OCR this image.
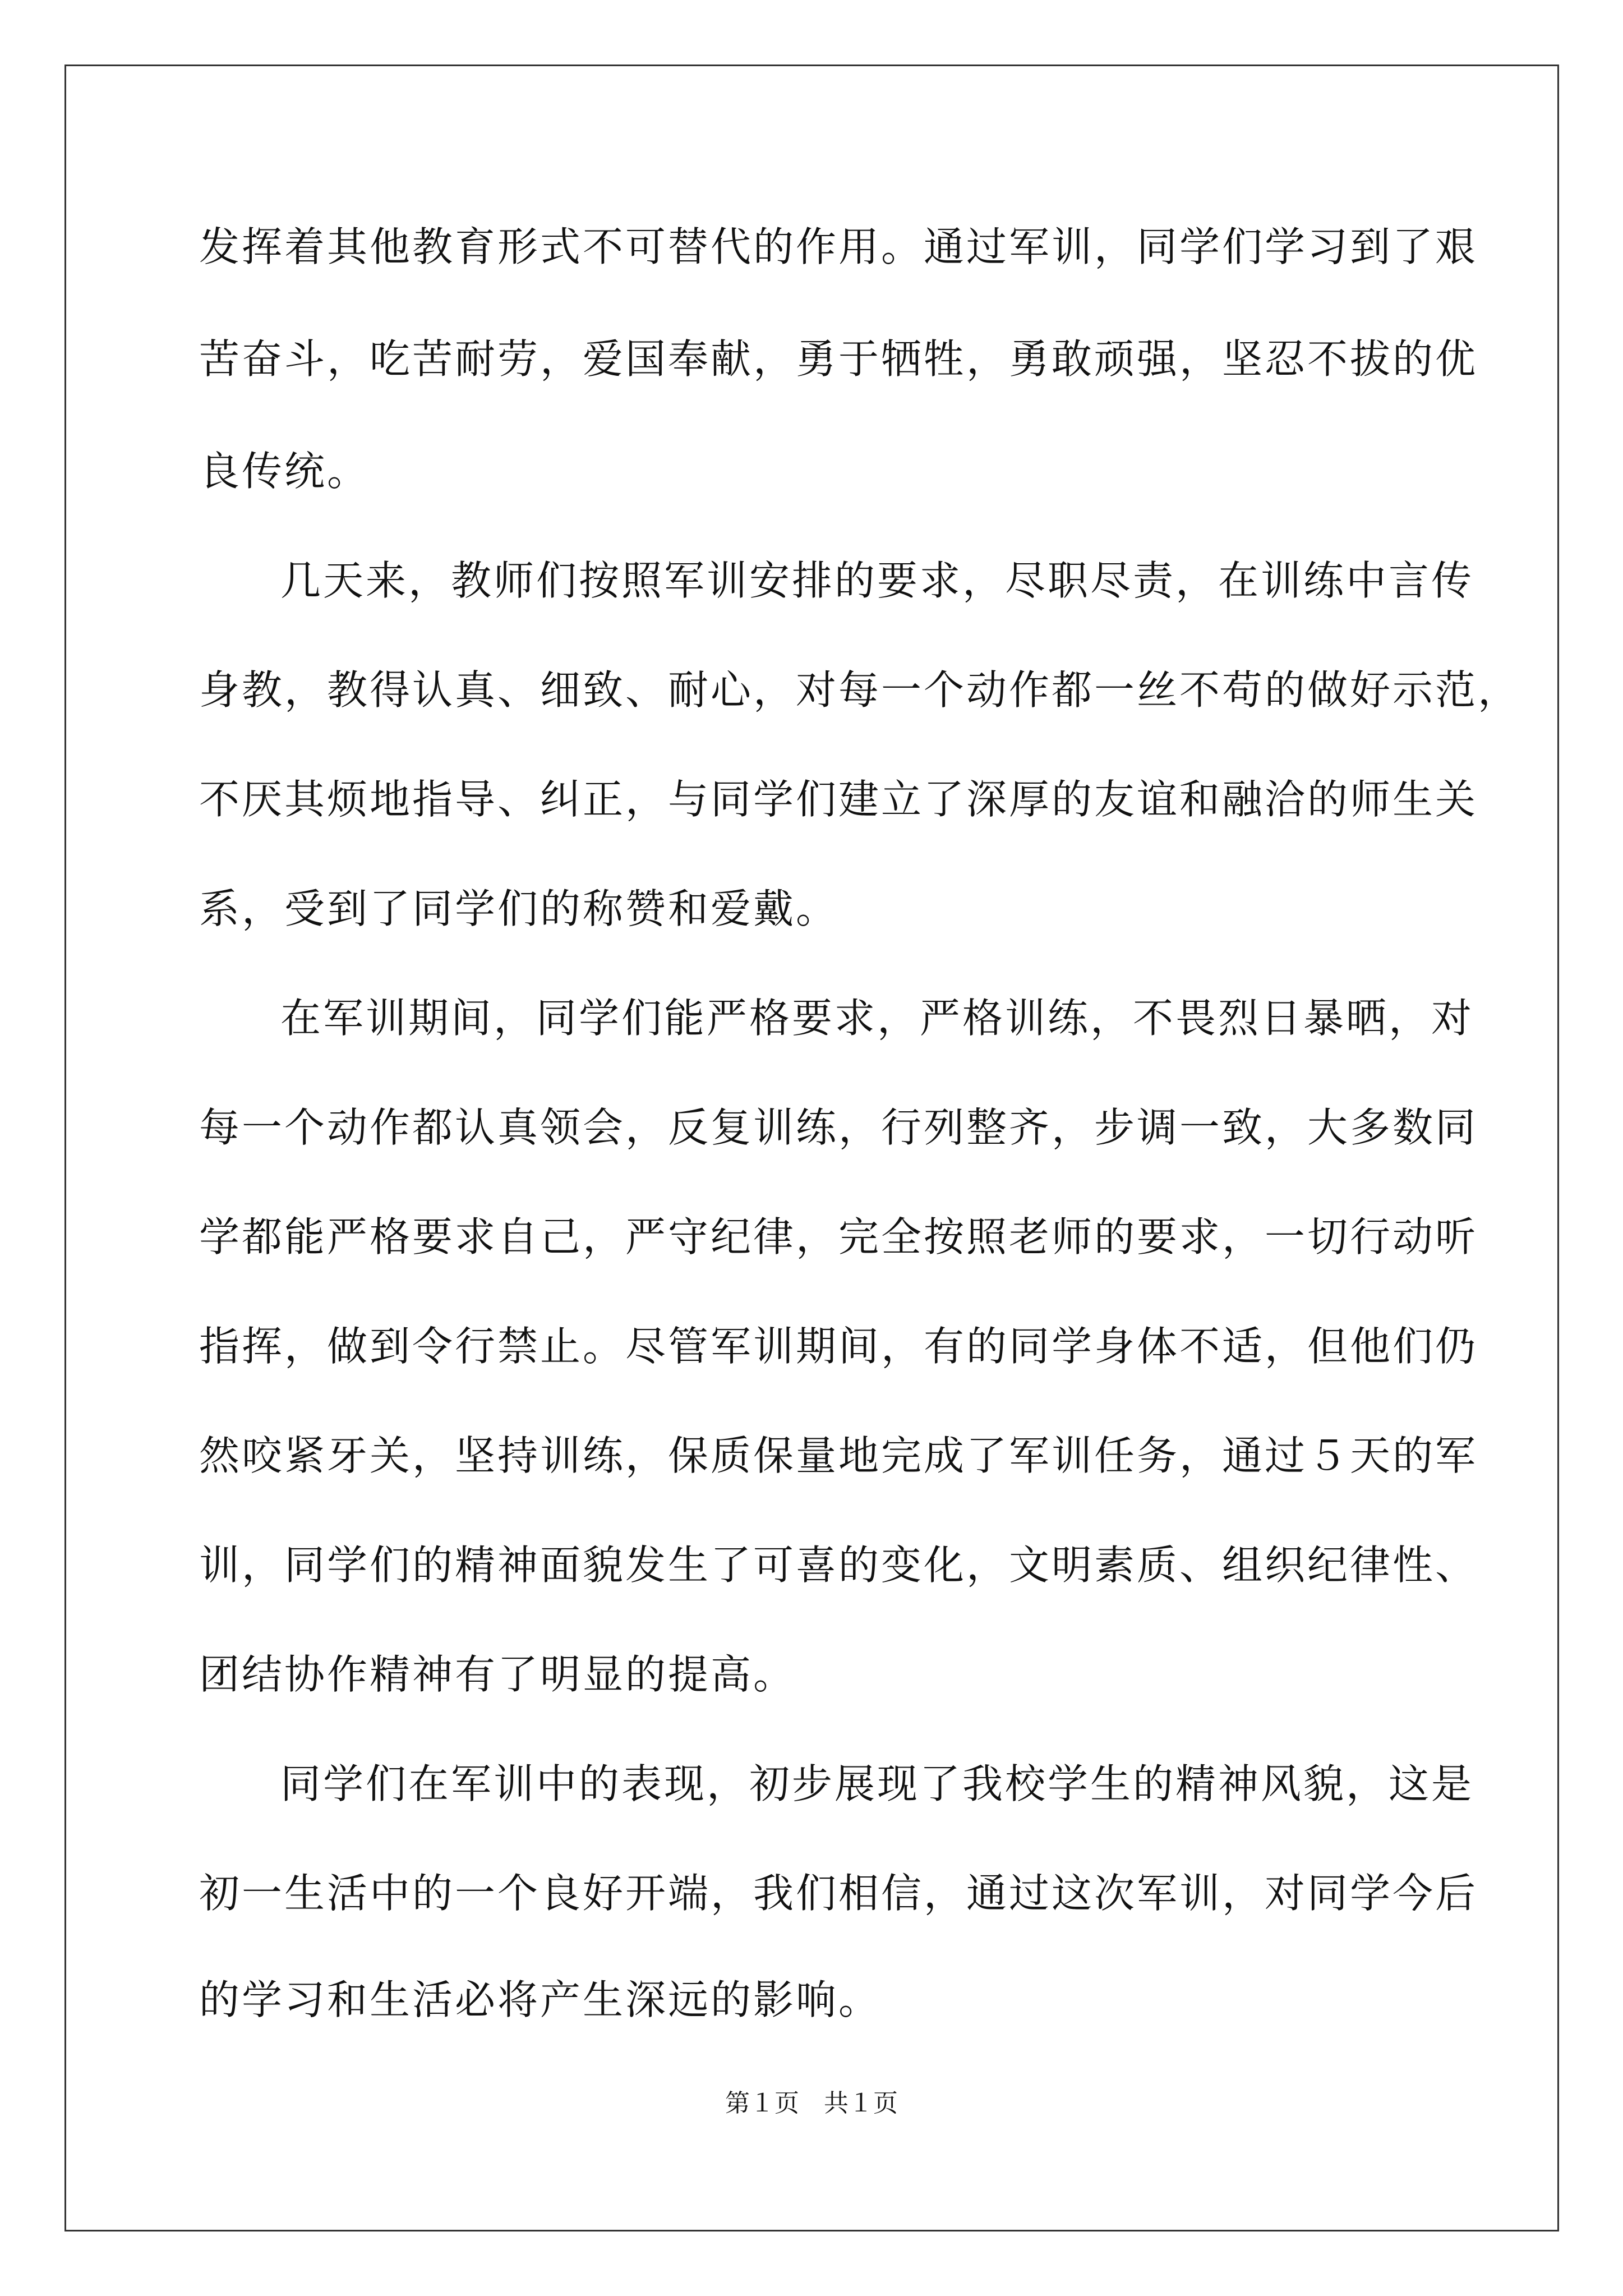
发挥着其他教育形式不可替代的作用。通过军训，同学们学习到了艰
苦奋斗，吃苦耐劳，爱国奉献，勇于牺牲，勇敢顽强，坚忍不拔的优
良传统。
几天来，教师们按照军训安排的要求，尽职尽责，在训练中言传
身教，教得认真、细致、耐心，对每一个动作都一丝不苟的做好示范，
不厌其烦地指导、纠正，与同学们建立了深厚的友谊和融洽的师生关
系，受到了同学们的称赞和爱戴。
在军训期间，同学们能严格要求，严格训练，不畏烈日暴晒，对
每一个动作都认真领会，反复训练，行列整齐，步调一致，大多数同
学都能严格要求自己，严守纪律，完全按照老师的要求，一切行动听
指挥，做到令行禁止。尽管军训期间，有的同学身体不适，但他们仍
然咬紧牙关，坚持训练，保质保量地完成了军训任务，通过５天的军
训，同学们的精神面貌发生了可喜的变化，文明素质、组织纪律性、
团结协作精神有了明显的提高。
同学们在军训中的表现，初步展现了我校学生的精神风貌，这是
初一生活中的一个良好开端，我们相信，通过这次军训，对同学今后
的学习和生活必将产生深远的影响。
第１页　共１页
